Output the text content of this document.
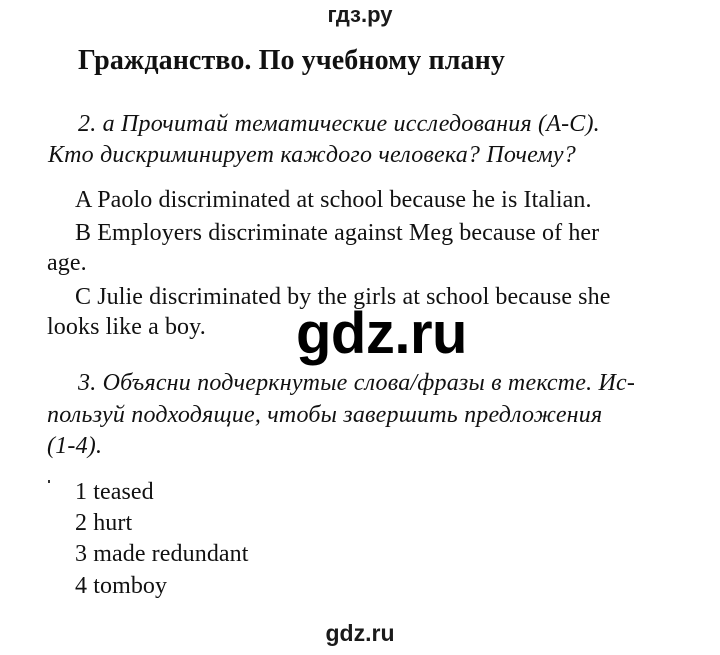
гдз.ру
Гражданство. По учебному плану
2. а Прочитай тематические исследования (A-C).
Кто дискриминирует каждого человека? Почему?
A Paolo discriminated at school because he is Italian.
B Employers discriminate against Meg because of her
age.
C Julie discriminated by the girls at school because she
looks like a boy. gdz.ru
3. Объясни подчеркнутые слова/фразы в тексте. Ис-
пользуй подходящие, чтобы завершить предложения
(1-4).
1 teased
2 hurt
3 made redundant
4 tomboy
gdz.ru
